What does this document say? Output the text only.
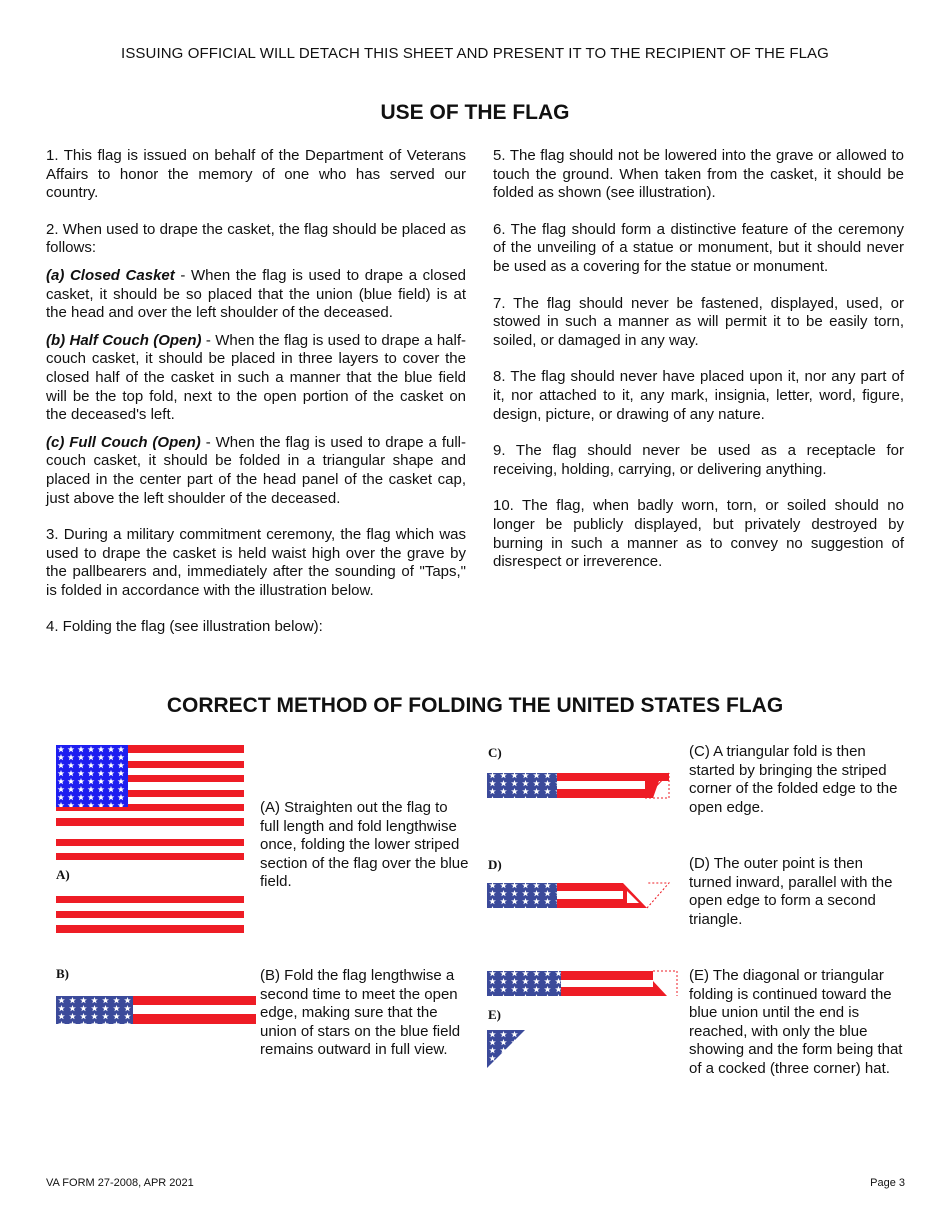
ISSUING OFFICIAL WILL DETACH THIS SHEET AND PRESENT IT TO THE RECIPIENT OF THE FLAG
USE OF THE FLAG

1. This flag is issued on behalf of the Department of Veterans Affairs to honor the memory of one who has served our country.

2. When used to drape the casket, the flag should be placed as follows:

(a) Closed Casket - When the flag is used to drape a closed casket, it should be so placed that the union (blue field) is at the head and over the left shoulder of the deceased.

(b) Half Couch (Open) - When the flag is used to drape a half-couch casket, it should be placed in three layers to cover the closed half of the casket in such a manner that the blue field will be the top fold, next to the open portion of the casket on the deceased's left.

(c) Full Couch (Open) - When the flag is used to drape a full-couch casket, it should be folded in a triangular shape and placed in the center part of the head panel of the casket cap, just above the left shoulder of the deceased.

3. During a military commitment ceremony, the flag which was used to drape the casket is held waist high over the grave by the pallbearers and, immediately after the sounding of "Taps," is folded in accordance with the illustration below.

4. Folding the flag (see illustration below):

5. The flag should not be lowered into the grave or allowed to touch the ground. When taken from the casket, it should be folded as shown (see illustration).

6. The flag should form a distinctive feature of the ceremony of the unveiling of a statue or monument, but it should never be used as a covering for the statue or monument.

7. The flag should never be fastened, displayed, used, or stowed in such a manner as will permit it to be easily torn, soiled, or damaged in any way.

8. The flag should never have placed upon it, nor any part of it, nor attached to it, any mark, insignia, letter, word, figure, design, picture, or drawing of any nature.

9. The flag should never be used as a receptacle for receiving, holding, carrying, or delivering anything.

10. The flag, when badly worn, torn, or soiled should no longer be publicly displayed, but privately destroyed by burning in such a manner as to convey no suggestion of disrespect or irreverence.

CORRECT METHOD OF FOLDING THE UNITED STATES FLAG
A)
(A) Straighten out the flag to full length and fold lengthwise once, folding the lower striped section of the flag over the blue field.
B)	(B) Fold the flag lengthwise a second time to meet the open edge, making sure that the union of stars on the blue field remains outward in full view.
C)	(C) A triangular fold is then started by bringing the striped corner of the folded edge to the open edge.
D)	(D) The outer point is then turned inward, parallel with the open edge to form a second triangle.
E)
(E) The diagonal or triangular folding is continued toward the blue union until the end is reached, with only the blue showing and the form being that of a cocked (three corner) hat.
VA FORM 27-2008, APR 2021	Page 3
